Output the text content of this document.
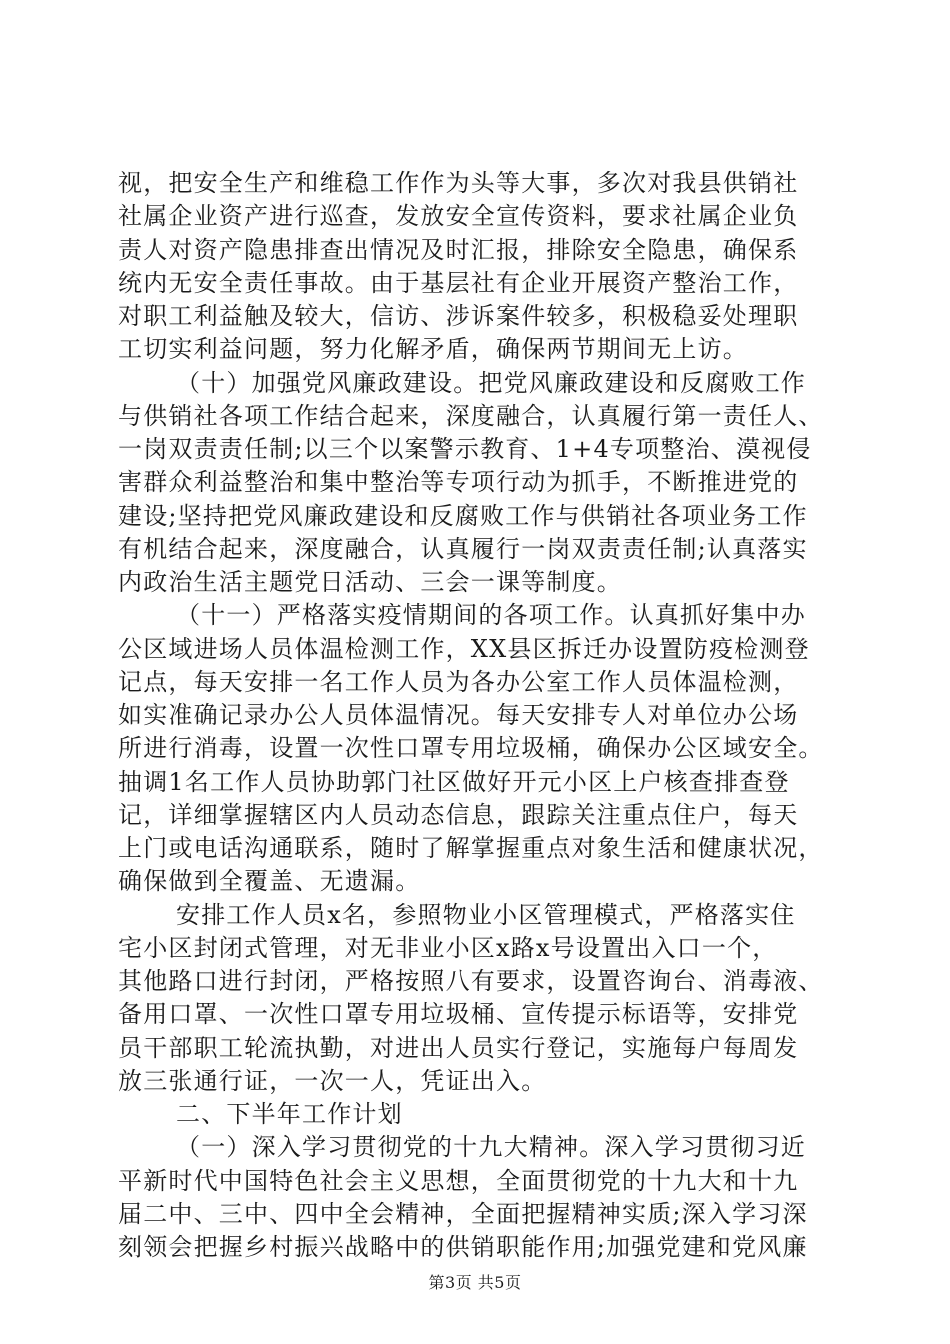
视，把安全生产和维稳工作作为头等大事，多次对我县供销社
社属企业资产进行巡查，发放安全宣传资料，要求社属企业负
责人对资产隐患排查出情况及时汇报，排除安全隐患，确保系
统内无安全责任事故。由于基层社有企业开展资产整治工作，
对职工利益触及较大，信访、涉诉案件较多，积极稳妥处理职
工切实利益问题，努力化解矛盾，确保两节期间无上访。
（十）加强党风廉政建设。把党风廉政建设和反腐败工作
与供销社各项工作结合起来，深度融合，认真履行第一责任人、
一岗双责责任制;以三个以案警示教育、1+4专项整治、漠视侵
害群众利益整治和集中整治等专项行动为抓手，不断推进党的
建设;坚持把党风廉政建设和反腐败工作与供销社各项业务工作
有机结合起来，深度融合，认真履行一岗双责责任制;认真落实
内政治生活主题党日活动、三会一课等制度。
（十一）严格落实疫情期间的各项工作。认真抓好集中办
公区域进场人员体温检测工作，XX县区拆迁办设置防疫检测登
记点，每天安排一名工作人员为各办公室工作人员体温检测，
如实准确记录办公人员体温情况。每天安排专人对单位办公场
所进行消毒，设置一次性口罩专用垃圾桶，确保办公区域安全。
抽调1名工作人员协助郭门社区做好开元小区上户核查排查登
记，详细掌握辖区内人员动态信息，跟踪关注重点住户，每天
上门或电话沟通联系，随时了解掌握重点对象生活和健康状况，
确保做到全覆盖、无遗漏。
安排工作人员x名，参照物业小区管理模式，严格落实住
宅小区封闭式管理，对无非业小区x路x号设置出入口一个，
其他路口进行封闭，严格按照八有要求，设置咨询台、消毒液、
备用口罩、一次性口罩专用垃圾桶、宣传提示标语等，安排党
员干部职工轮流执勤，对进出人员实行登记，实施每户每周发
放三张通行证，一次一人，凭证出入。
二、下半年工作计划
（一）深入学习贯彻党的十九大精神。深入学习贯彻习近
平新时代中国特色社会主义思想，全面贯彻党的十九大和十九
届二中、三中、四中全会精神，全面把握精神实质;深入学习深
刻领会把握乡村振兴战略中的供销职能作用;加强党建和党风廉
第3页 共5页
